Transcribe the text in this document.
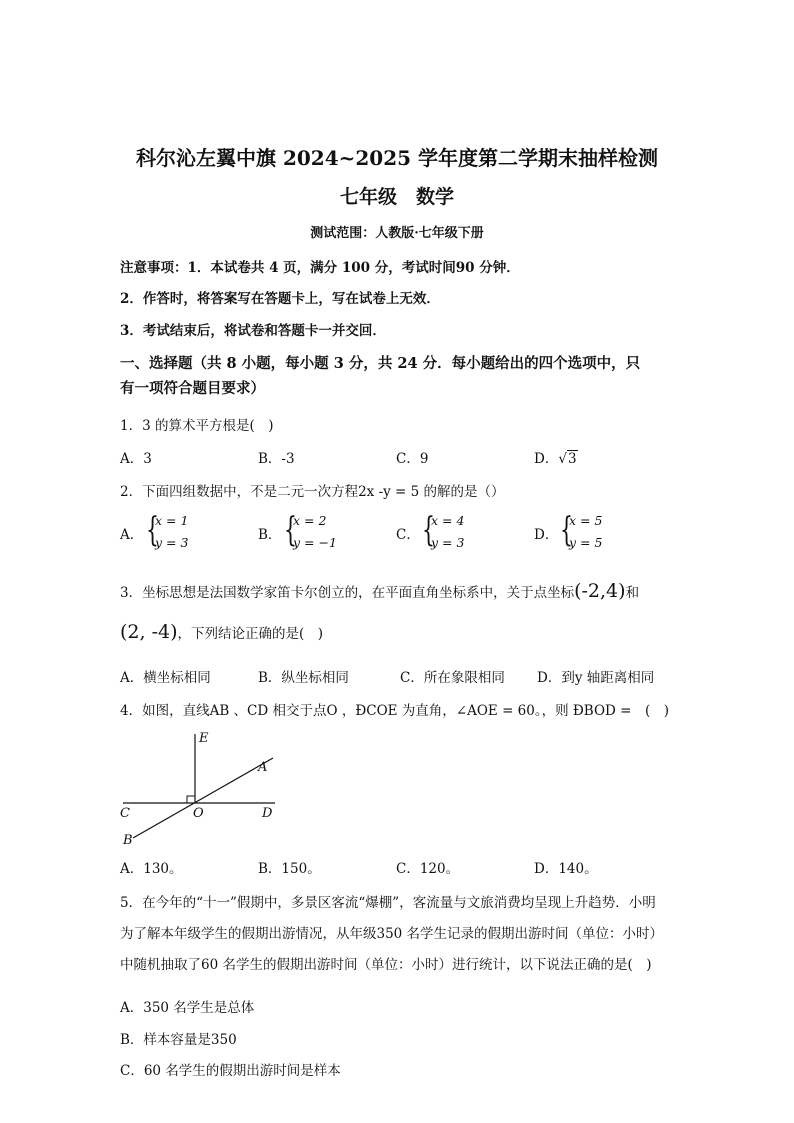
科尔沁左翼中旗 2024~2025 学年度第二学期末抽样检测
七年级　数学
测试范围：人教版·七年级下册
注意事项：1．本试卷共 4 页，满分 100 分，考试时间90 分钟．
2．作答时，将答案写在答题卡上，写在试卷上无效．
3．考试结束后，将试卷和答题卡一并交回．
一、选择题（共 8 小题，每小题 3 分，共 24 分．每小题给出的四个选项中，只
有一项符合题目要求）
1．3 的算术平方根是(　)
A．3	B．-3	C．9	D．√3
2．下面四组数据中，不是二元一次方程2x -y = 5 的解的是（）
A． {
x = 1
y = 3	B． {
x = 2
y = −1	C． {
x = 4
y = 3	D． {
x = 5
y = 5
3．坐标思想是法国数学家笛卡尔创立的，在平面直角坐标系中，关于点坐标(-2,4)和
(2, -4)，下列结论正确的是(　)
A．横坐标相同	B．纵坐标相同	C．所在象限相同 D．到y 轴距离相同
4．如图，直线AB 、CD 相交于点O ，ÐCOE 为直角，∠AOE = 60。，则 ÐBOD =　(　)
E
A
C	O	D
B
A．130。	B．150。	C．120。	D．140。
5．在今年的“十一”假期中，多景区客流“爆棚”，客流量与文旅消费均呈现上升趋势．小明
为了解本年级学生的假期出游情况，从年级350 名学生记录的假期出游时间（单位：小时）
中随机抽取了60 名学生的假期出游时间（单位：小时）进行统计，以下说法正确的是(　)
A．350 名学生是总体
B．样本容量是350
C．60 名学生的假期出游时间是样本
